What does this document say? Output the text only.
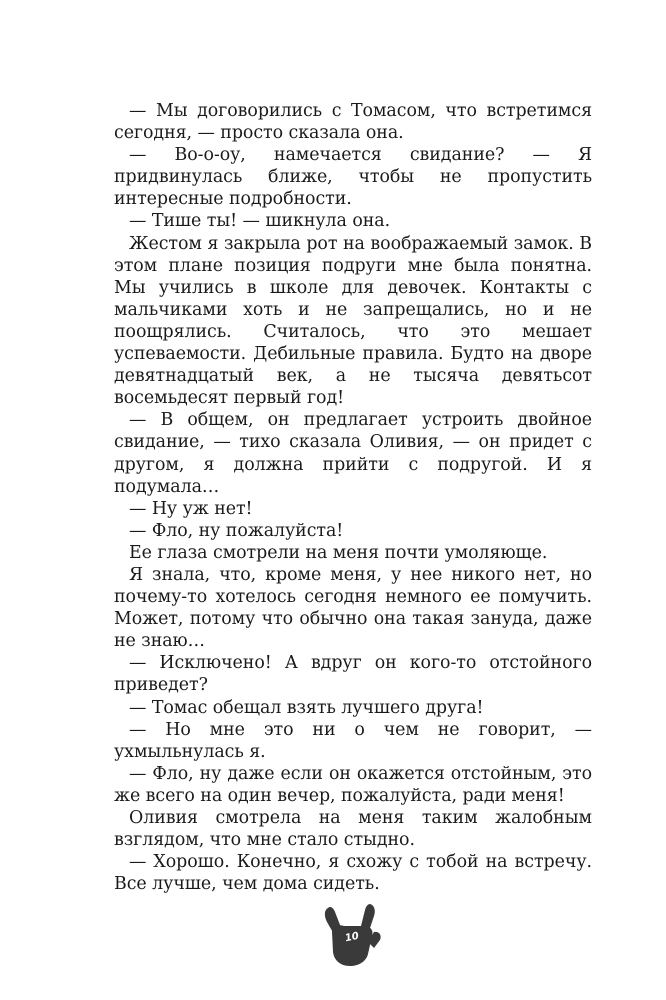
— Мы договорились с Томасом, что встретимся сегодня, — просто сказала она.

— Во-о-оу, намечается свидание? — Я придвинулась ближе, чтобы не пропустить интересные подробности.

— Тише ты! — шикнула она.

Жестом я закрыла рот на воображаемый замок. В этом плане позиция подруги мне была понятна. Мы учились в школе для девочек. Контакты с мальчиками хоть и не запрещались, но и не поощрялись. Считалось, что это мешает успеваемости. Дебильные правила. Будто на дворе девятнадцатый век, а не тысяча девятьсот восемьдесят первый год!

— В общем, он предлагает устроить двойное свидание, — тихо сказала Оливия, — он придет с другом, я должна прийти с подругой. И я подумала…

— Ну уж нет!

— Фло, ну пожалуйста!

Ее глаза смотрели на меня почти умоляюще.

Я знала, что, кроме меня, у нее никого нет, но почему-то хотелось сегодня немного ее помучить. Может, потому что обычно она такая зануда, даже не знаю…

— Исключено! А вдруг он кого-то отстойного приведет?

— Томас обещал взять лучшего друга!

— Но мне это ни о чем не говорит, — ухмыльнулась я.

— Фло, ну даже если он окажется отстойным, это же всего на один вечер, пожалуйста, ради меня!

Оливия смотрела на меня таким жалобным взглядом, что мне стало стыдно.

— Хорошо. Конечно, я схожу с тобой на встречу. Все лучше, чем дома сидеть.

10
